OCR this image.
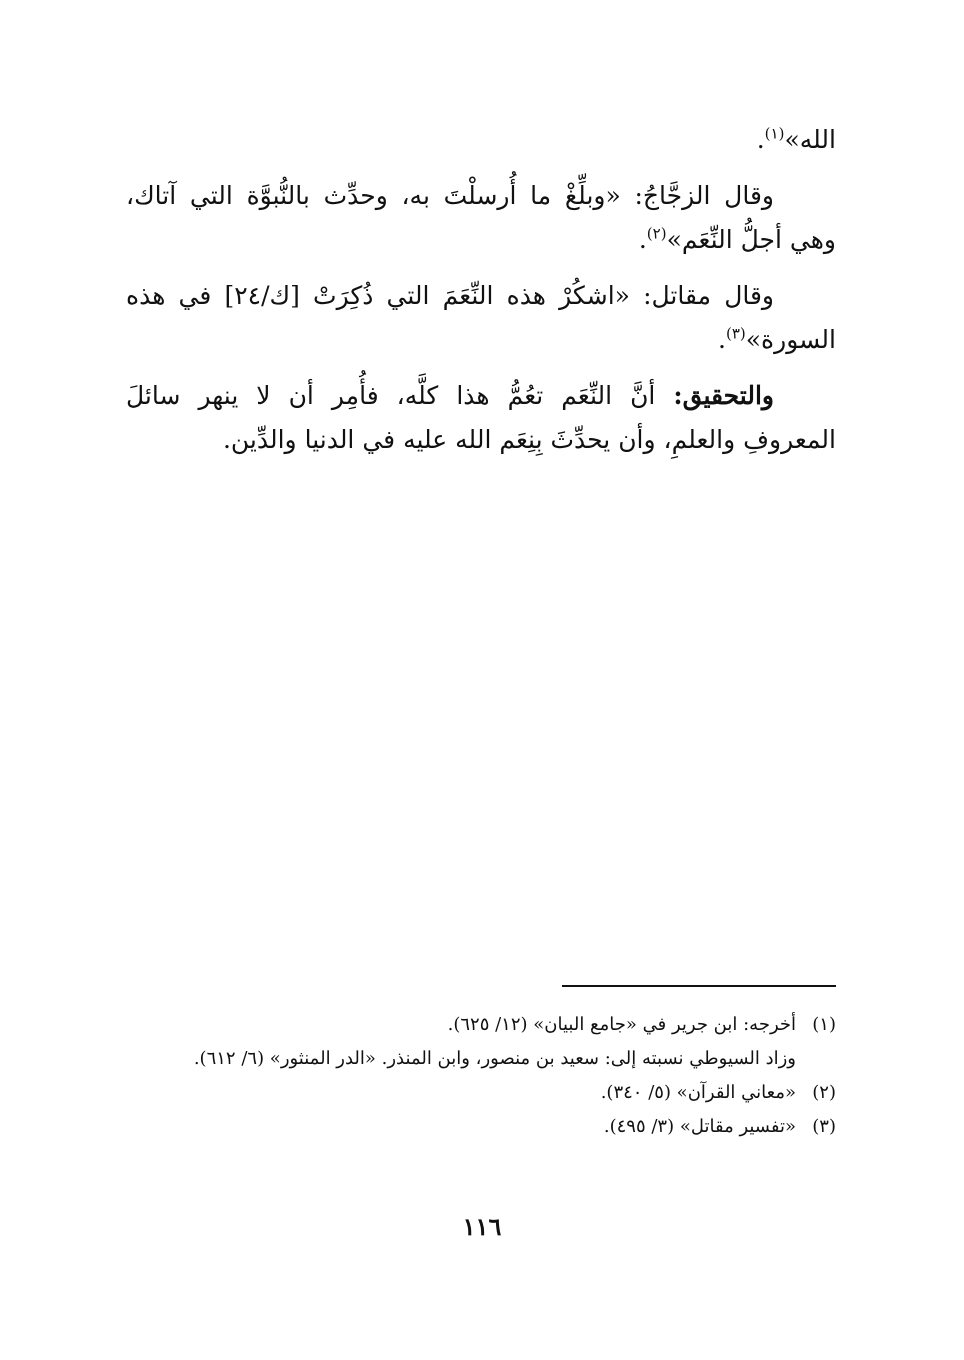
الله»$^{(١)}$.

وقال الزجَّاجُ: «وبلِّغْ ما أُرسلْتَ به، وحدِّث بالنُّبوَّة التي آتاك، وهي أجلُّ النِّعَم»$^{(٢)}$.

وقال مقاتل: «اشكُرْ هذه النِّعَمَ التي ذُكِرَتْ [ك/٢٤] في هذه السورة»$^{(٣)}$.

والتحقيق: أنَّ النِّعَم تعُمُّ هذا كلَّه، فأُمِر أن لا ينهر سائلَ المعروفِ والعلمِ، وأن يحدِّثَ بِنِعَم الله عليه في الدنيا والدِّين.

(١)
أخرجه: ابن جرير في «جامع البيان» (١٢/ ٦٢٥).

وزاد السيوطي نسبته إلى: سعيد بن منصور، وابن المنذر. «الدر المنثور» (٦/ ٦١٢).

(٢)
«معاني القرآن» (٥/ ٣٤٠).
(٣)
«تفسير مقاتل» (٣/ ٤٩٥).
١١٦
